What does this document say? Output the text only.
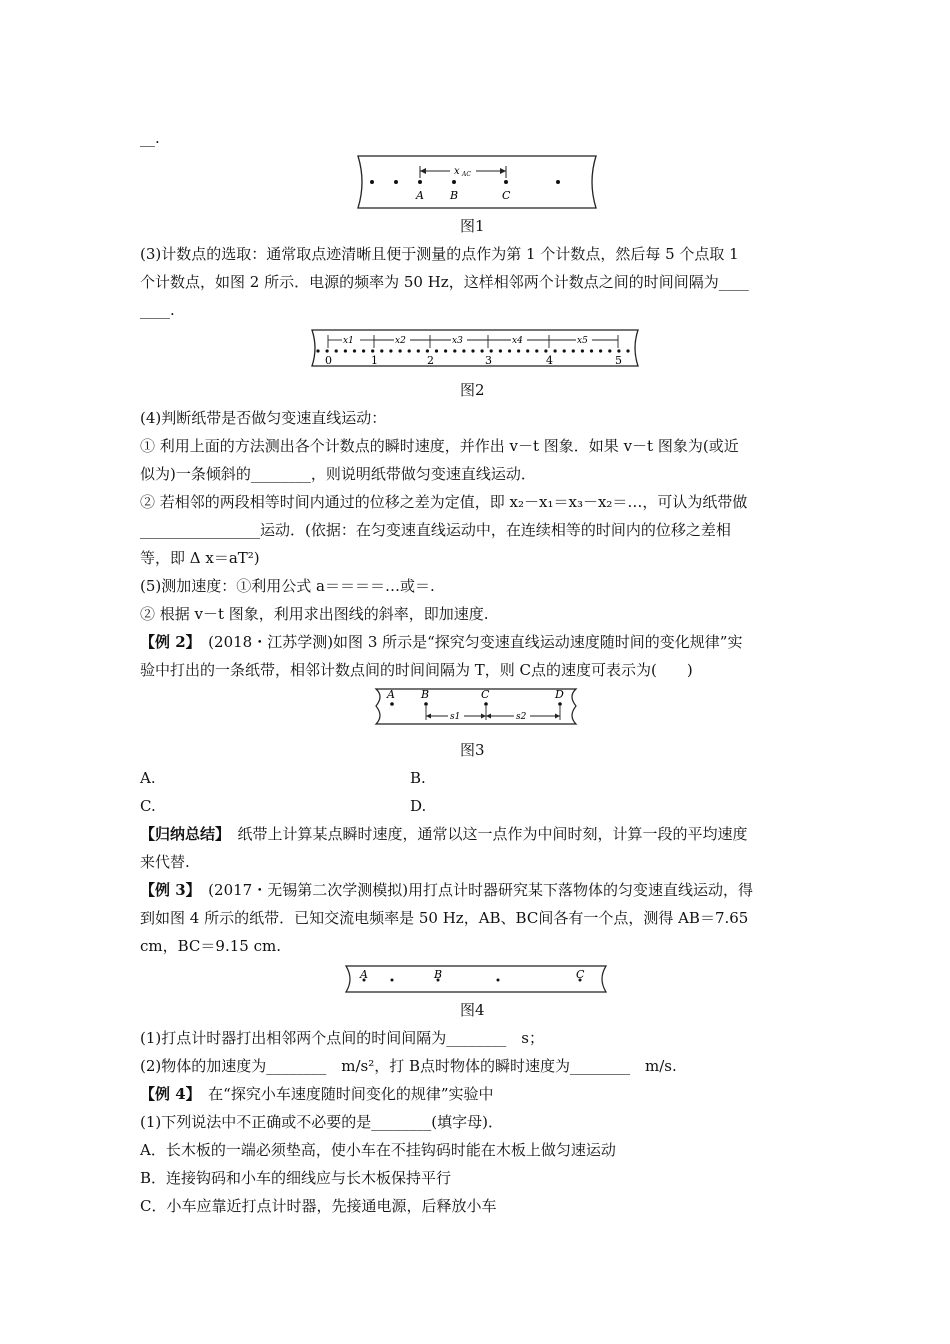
__.
x AC
A B	C
图1
(3)计数点的选取：通常取点迹清晰且便于测量的点作为第 1 个计数点，然后每 5 个点取 1
个计数点，如图 2 所示．电源的频率为 50 Hz，这样相邻两个计数点之间的时间间隔为____
____.
x1	x2	x3	x4	x5
0	1	2	3	4	5
图2
(4)判断纸带是否做匀变速直线运动：
① 利用上面的方法测出各个计数点的瞬时速度，并作出 v－t 图象．如果 v－t 图象为(或近
似为)一条倾斜的________，则说明纸带做匀变速直线运动．
② 若相邻的两段相等时间内通过的位移之差为定值，即 x₂－x₁＝x₃－x₂＝…，可认为纸带做
________________运动．(依据：在匀变速直线运动中，在连续相等的时间内的位移之差相
等，即 Δ x＝aT²)
(5)测加速度：①利用公式 a＝＝＝＝…或＝.
② 根据 v－t 图象，利用求出图线的斜率，即加速度.
【例 2】　(2018・江苏学测)如图 3 所示是“探究匀变速直线运动速度随时间的变化规律”实
验中打出的一条纸带，相邻计数点间的时间间隔为 T，则 C点的速度可表示为(　　)
A B	C	D
s1	s2
图3
A.	B.
C.	D.
【归纳总结】　纸带上计算某点瞬时速度，通常以这一点作为中间时刻，计算一段的平均速度
来代替.
【例 3】　(2017・无锡第二次学测模拟)用打点计时器研究某下落物体的匀变速直线运动，得
到如图 4 所示的纸带．已知交流电频率是 50 Hz，AB、BC间各有一个点，测得 AB＝7.65
cm，BC＝9.15 cm.
A	B	C
图4
(1)打点计时器打出相邻两个点间的时间间隔为________　s；
(2)物体的加速度为________　m/s²，打 B点时物体的瞬时速度为________　m/s.
【例 4】　在“探究小车速度随时间变化的规律”实验中
(1)下列说法中不正确或不必要的是________(填字母)．
A．长木板的一端必须垫高，使小车在不挂钩码时能在木板上做匀速运动
B．连接钩码和小车的细线应与长木板保持平行
C．小车应靠近打点计时器，先接通电源，后释放小车
